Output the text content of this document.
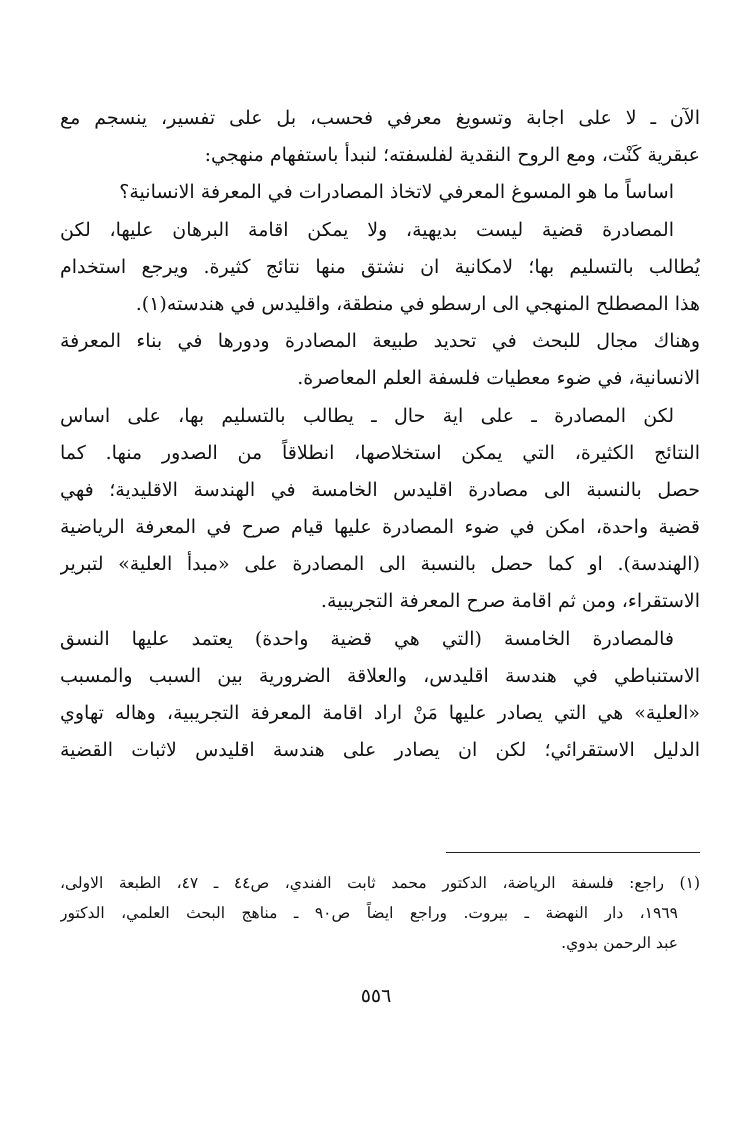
الآن ـ لا على اجابة وتسويغ معرفي فحسب، بل على تفسير، ينسجم مع
عبقرية كَنْت، ومع الروح النقدية لفلسفته؛ لنبدأ باستفهام منهجي:
اساساً ما هو المسوغ المعرفي لاتخاذ المصادرات في المعرفة الانسانية؟
المصادرة قضية ليست بديهية، ولا يمكن اقامة البرهان عليها، لكن
يُطالب بالتسليم بها؛ لامكانية ان نشتق منها نتائج كثيرة. ويرجع استخدام
هذا المصطلح المنهجي الى ارسطو في منطقة، واقليدس في هندسته(١).
وهناك مجال للبحث في تحديد طبيعة المصادرة ودورها في بناء المعرفة
الانسانية، في ضوء معطيات فلسفة العلم المعاصرة.
لكن المصادرة ـ على اية حال ـ يطالب بالتسليم بها، على اساس
النتائج الكثيرة، التي يمكن استخلاصها، انطلاقاً من الصدور منها. كما
حصل بالنسبة الى مصادرة اقليدس الخامسة في الهندسة الاقليدية؛ فهي
قضية واحدة، امكن في ضوء المصادرة عليها قيام صرح في المعرفة الرياضية
(الهندسة). او كما حصل بالنسبة الى المصادرة على «مبدأ العلية» لتبرير
الاستقراء، ومن ثم اقامة صرح المعرفة التجريبية.
فالمصادرة الخامسة (التي هي قضية واحدة) يعتمد عليها النسق
الاستنباطي في هندسة اقليدس، والعلاقة الضرورية بين السبب والمسبب
«العلية» هي التي يصادر عليها مَنْ اراد اقامة المعرفة التجريبية، وهاله تهاوي
الدليل الاستقرائي؛ لكن ان يصادر على هندسة اقليدس لاثبات القضية
(١) راجع: فلسفة الرياضة، الدكتور محمد ثابت الفندي، ص٤٤ ـ ٤٧، الطبعة الاولى،
١٩٦٩، دار النهضة ـ بيروت. وراجع ايضاً ص٩٠ ـ مناهج البحث العلمي، الدكتور
عبد الرحمن بدوي.
٥٥٦
